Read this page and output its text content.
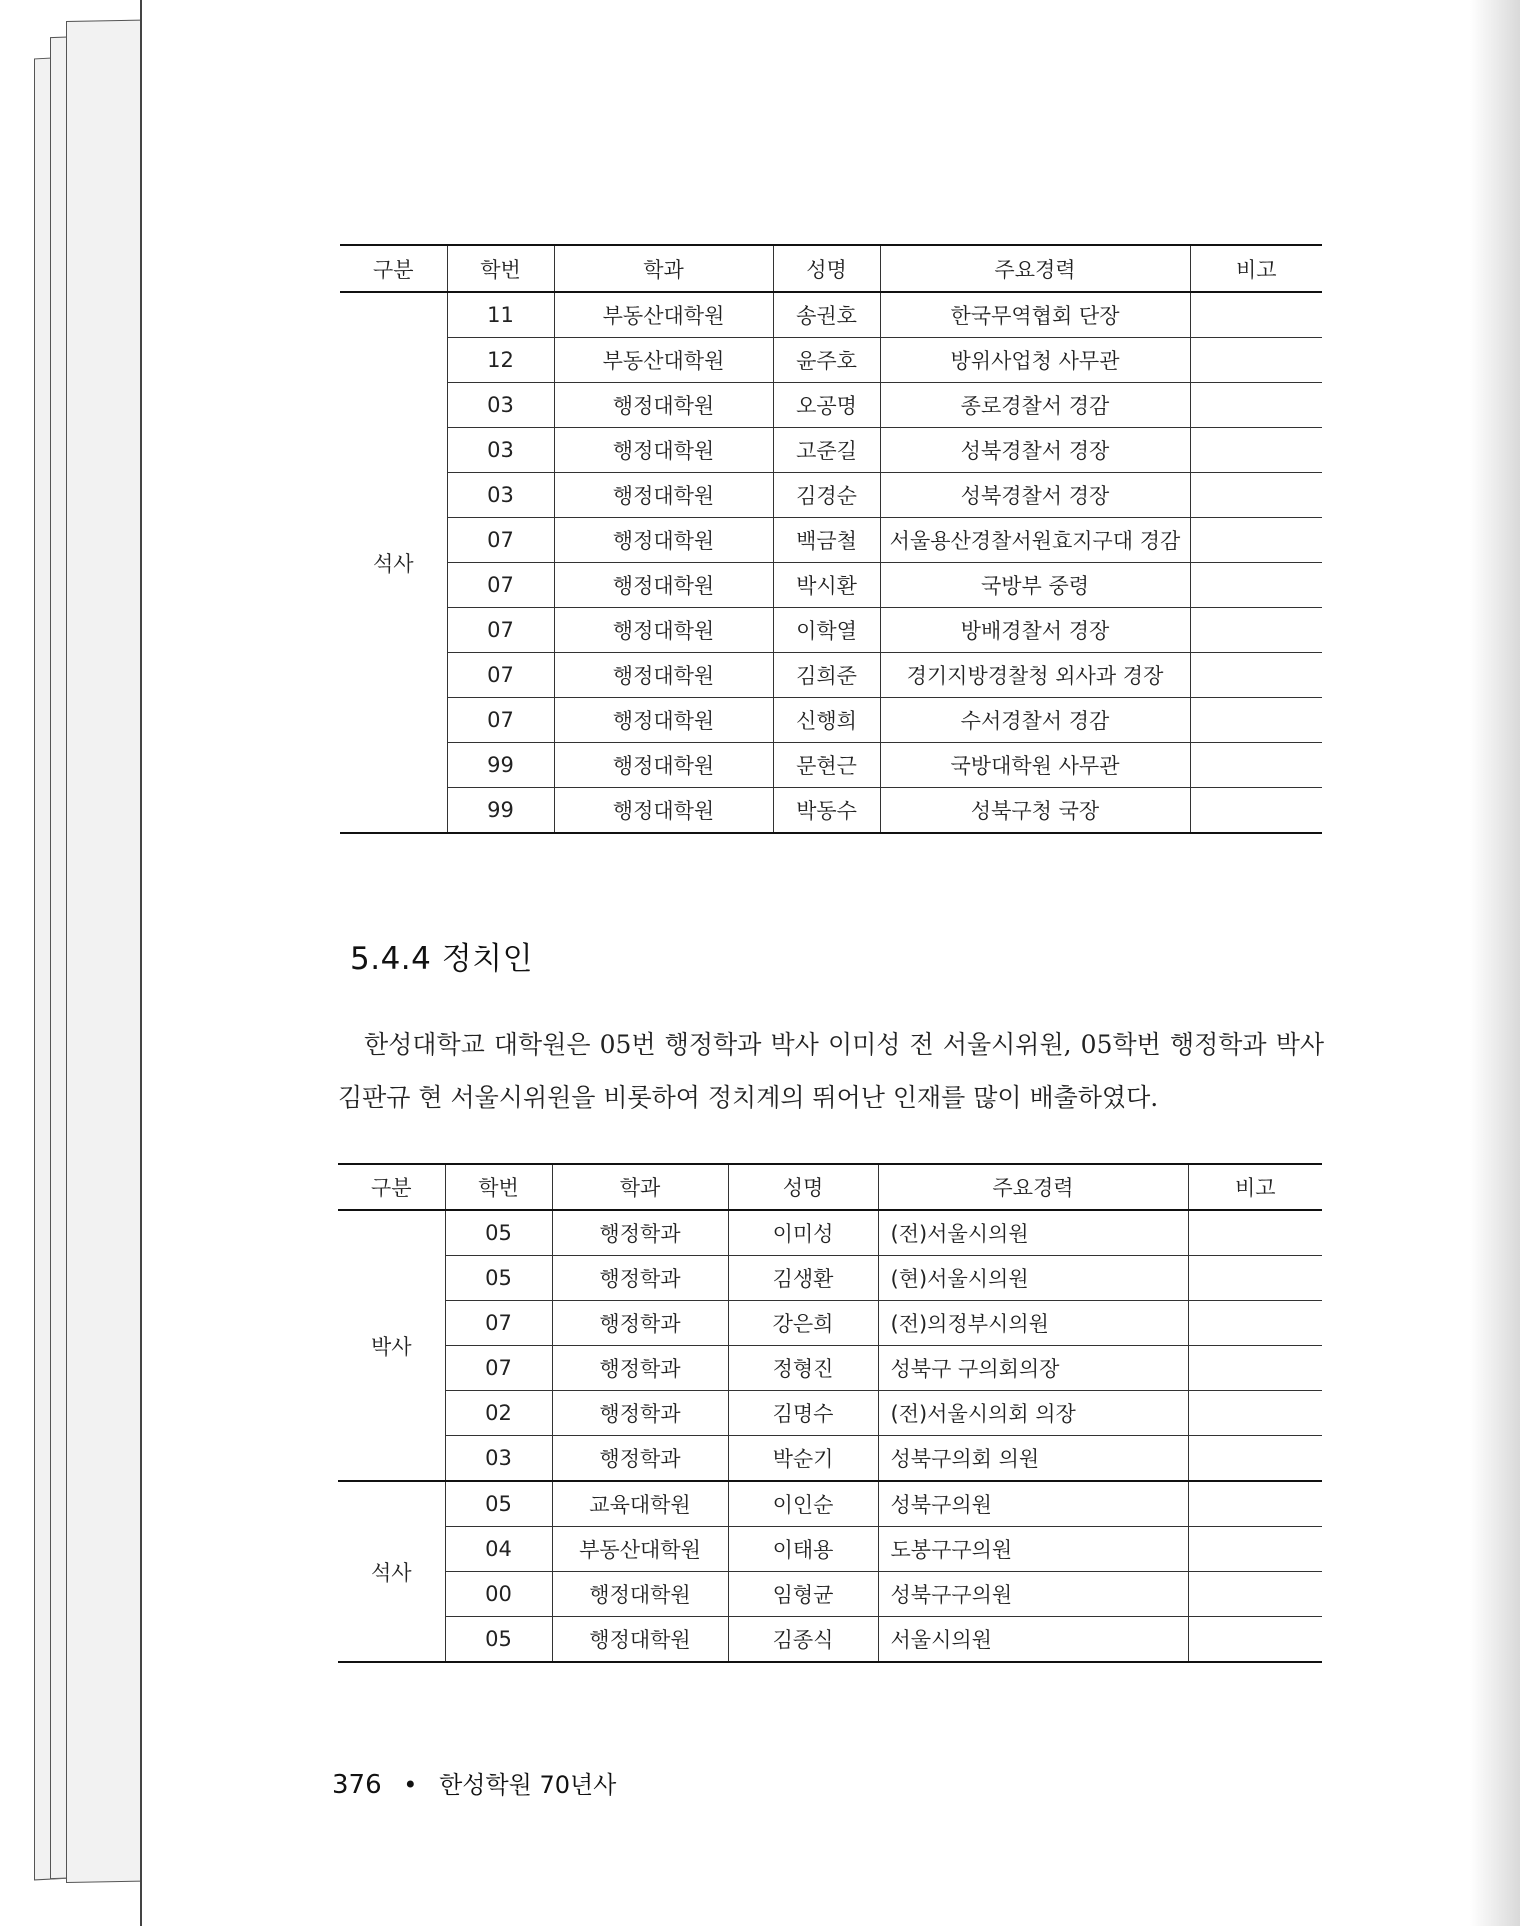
구분	학번	학과	성명	주요경력	비고
석사	11	부동산대학원	송권호	한국무역협회 단장	
	12	부동산대학원	윤주호	방위사업청 사무관	
	03	행정대학원	오공명	종로경찰서 경감	
	03	행정대학원	고준길	성북경찰서 경장	
	03	행정대학원	김경순	성북경찰서 경장	
	07	행정대학원	백금철	서울용산경찰서원효지구대 경감	
	07	행정대학원	박시환	국방부 중령	
	07	행정대학원	이학열	방배경찰서 경장	
	07	행정대학원	김희준	경기지방경찰청 외사과 경장	
	07	행정대학원	신행희	수서경찰서 경감	
	99	행정대학원	문현근	국방대학원 사무관	
	99	행정대학원	박동수	성북구청 국장	
5.4.4 정치인

한성대학교 대학원은 05번 행정학과 박사 이미성 전 서울시위원, 05학번 행정학과 박사 김판규 현 서울시위원을 비롯하여 정치계의 뛰어난 인재를 많이 배출하였다.

구분	학번	학과	성명	주요경력	비고
박사	05	행정학과	이미성	(전)서울시의원	
	05	행정학과	김생환	(현)서울시의원	
	07	행정학과	강은희	(전)의정부시의원	
	07	행정학과	정형진	성북구 구의회의장	
	02	행정학과	김명수	(전)서울시의회 의장	
	03	행정학과	박순기	성북구의회 의원	
석사	05	교육대학원	이인순	성북구의원	
	04	부동산대학원	이태용	도봉구구의원	
	00	행정대학원	임형균	성북구구의원	
	05	행정대학원	김종식	서울시의원	
376 • 한성학원 70년사
